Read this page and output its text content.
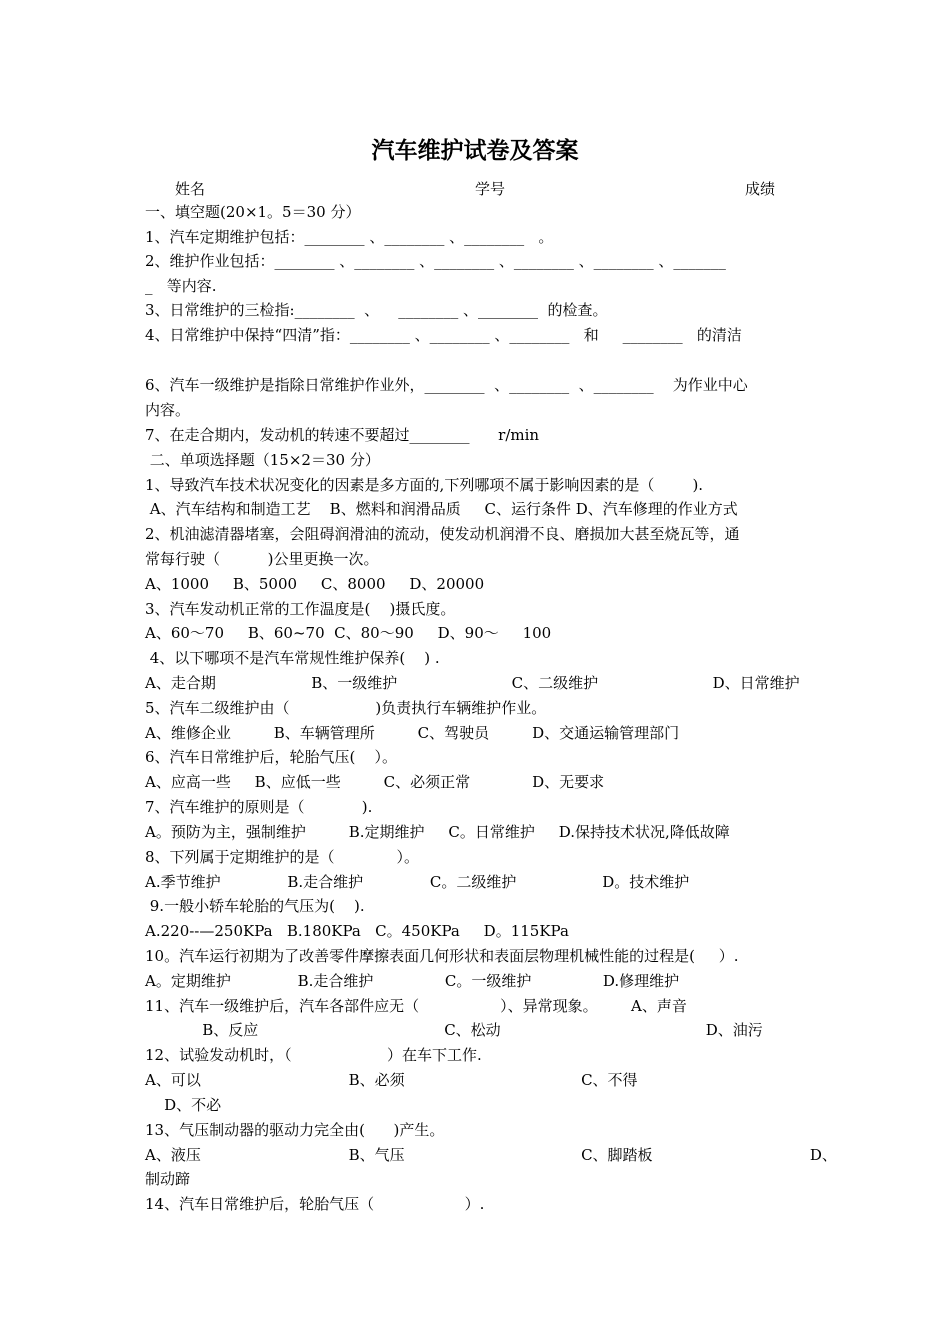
汽车维护试卷及答案
姓名	学号	成绩
一、填空题(20×1。5＝30 分）
1、汽车定期维护包括：________ 、________ 、________   。
2、维护作业包括：________ 、________ 、________ 、________ 、________ 、_______
_   等内容.
3、日常维护的三检指:________  、    ________ 、________  的检查。
4、日常维护中保持“四清”指：________ 、________ 、________   和     ________   的清洁
6、汽车一级维护是指除日常维护作业外，________  、________  、________    为作业中心
内容。
7、在走合期内，发动机的转速不要超过________      r/min
二、单项选择题（15×2＝30 分）
1、导致汽车技术状况变化的因素是多方面的,下列哪项不属于影响因素的是（        ).
A、汽车结构和制造工艺    B、燃料和润滑品质     C、运行条件 D、汽车修理的作业方式
2、机油滤清器堵塞，会阻碍润滑油的流动，使发动机润滑不良、磨损加大甚至烧瓦等，通
常每行驶（          )公里更换一次。
A、1000     B、5000     C、8000     D、20000
3、汽车发动机正常的工作温度是(    )摄氏度。
A、60～70     B、60~70  C、80～90     D、90～     100
4、以下哪项不是汽车常规性维护保养(    ) .
A、走合期                    B、一级维护                        C、二级维护                        D、日常维护
5、汽车二级维护由（                  )负责执行车辆维护作业。
A、维修企业         B、车辆管理所         C、驾驶员         D、交通运输管理部门
6、汽车日常维护后，轮胎气压(    ）。
A、应高一些     B、应低一些         C、必须正常             D、无要求
7、汽车维护的原则是（            ).
A。预防为主，强制维护         B.定期维护     C。日常维护     D.保持技术状况,降低故障
8、下列属于定期维护的是（             ）。
A.季节维护              B.走合维护              C。二级维护                  D。技术维护
9.一般小轿车轮胎的气压为(    ).
A.220--—250KPa   B.180KPa   C。450KPa     D。115KPa
10。汽车运行初期为了改善零件摩擦表面几何形状和表面层物理机械性能的过程是(     ）.
A。定期维护              B.走合维护               C。一级维护               D.修理维护
11、汽车一级维护后，汽车各部件应无（                 ）、异常现象。       A、声音
B、反应                                       C、松动                                           D、油污
12、试验发动机时，（                    ）在车下工作.
A、可以                               B、必须                                     C、不得
D、不必
13、气压制动器的驱动力完全由(      )产生。
A、液压                               B、气压                                     C、脚踏板                                 D、
制动蹄
14、汽车日常维护后，轮胎气压（                   ）.
